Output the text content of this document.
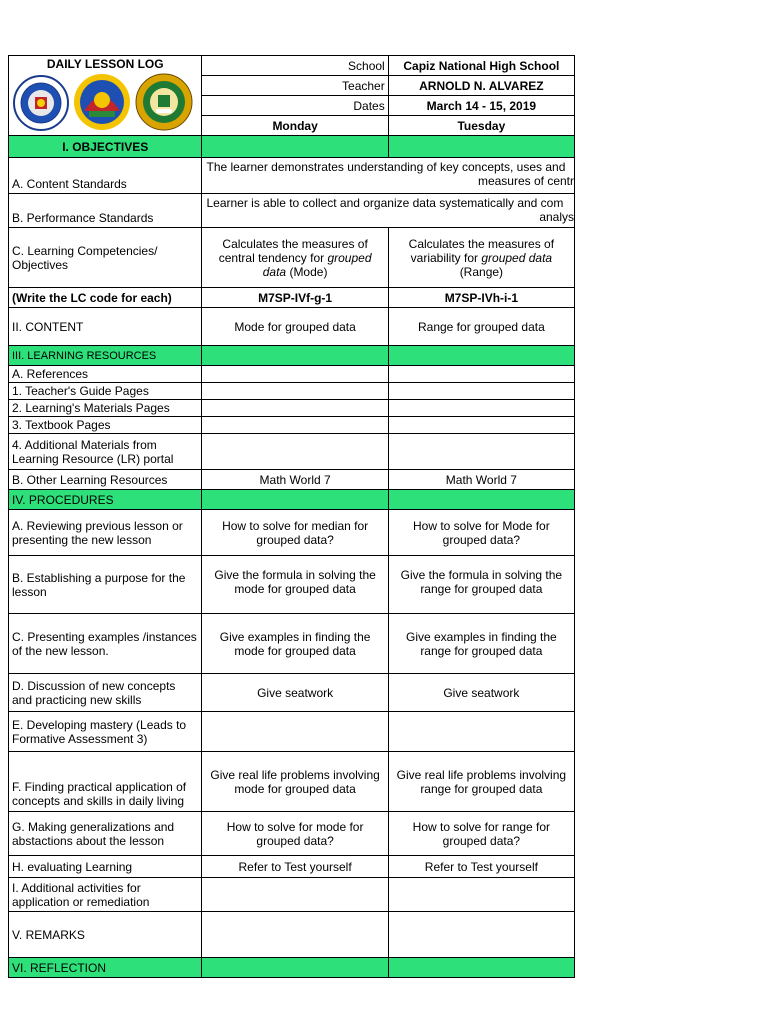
DAILY LESSON LOG	School	Capiz National High School
	Teacher	ARNOLD N. ALVAREZ
	Dates	March 14 - 15, 2019
	Monday	Tuesday
I. OBJECTIVES		
A. Content Standards	The learner demonstrates understanding of key concepts, uses and
measures of centr	

B. Performance Standards	Learner is able to collect and organize data systematically and com
analys	

C. Learning Competencies/ Objectives	Calculates the measures of central tendency for grouped data (Mode)	Calculates the measures of variability for grouped data
(Range)
(Write the LC code for each)	M7SP-IVf-g-1	M7SP-IVh-i-1
II. CONTENT	Mode for grouped data	Range for grouped data
III. LEARNING RESOURCES		
A. References		
1. Teacher's Guide Pages		
2. Learning's Materials Pages		
3. Textbook Pages		
4. Additional Materials from Learning Resource (LR) portal		
B. Other Learning Resources	Math World 7	Math World 7
IV. PROCEDURES		
A. Reviewing previous lesson or presenting the new lesson	How to solve for median for grouped data?	How to solve for Mode for grouped data?
B. Establishing a purpose for the lesson	Give the formula in solving the mode for grouped data	Give the formula in solving the range for grouped data
C. Presenting examples /instances of the new lesson.	Give examples in finding the mode for grouped data	Give examples in finding the range for grouped data
D. Discussion of new concepts and practicing new skills	Give seatwork	Give seatwork
E. Developing mastery (Leads to Formative Assessment 3)		
F. Finding practical application of concepts and skills in daily living	Give real life problems involving mode for grouped data	Give real life problems involving range for grouped data
G. Making generalizations and abstactions about the lesson	How to solve for mode for grouped data?	How to solve for range for grouped data?
H. evaluating Learning	Refer to Test yourself	Refer to Test yourself
I. Additional activities for application or remediation		
V. REMARKS		
VI. REFLECTION		
